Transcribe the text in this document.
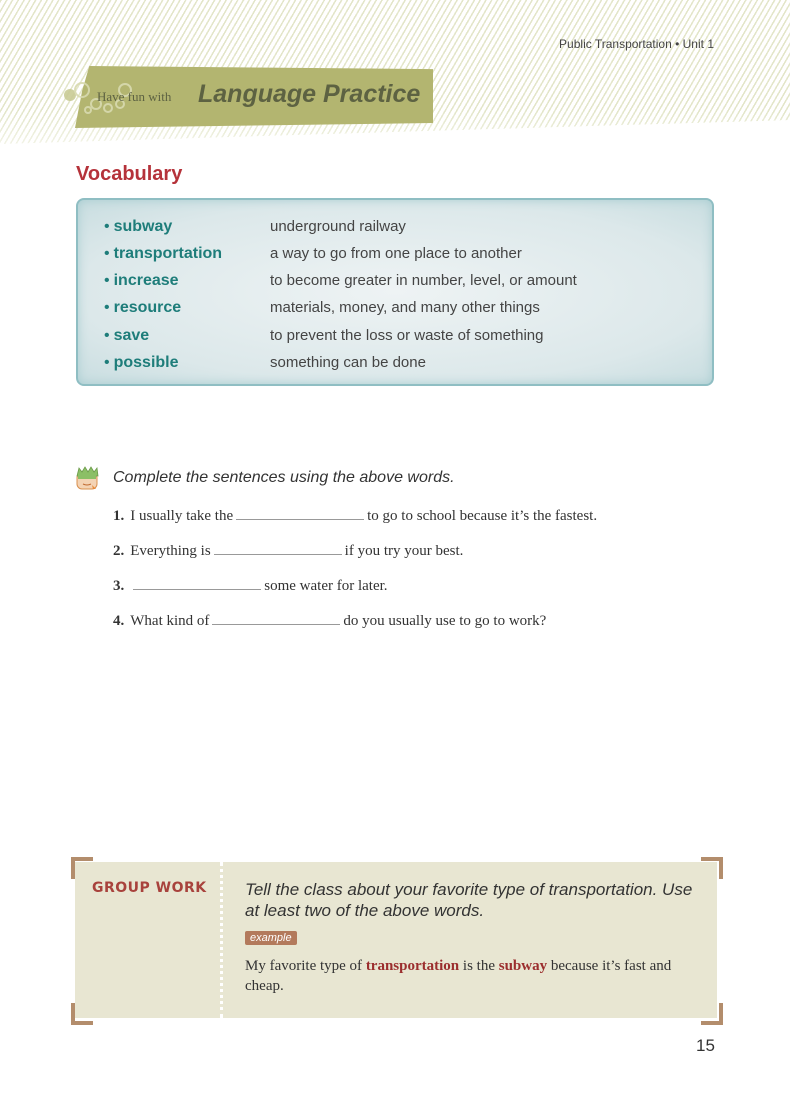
Public Transportation • Unit 1
Have fun with Language Practice
Vocabulary
• subway	underground railway
• transportation	a way to go from one place to another
• increase	to become greater in number, level, or amount
• resource	materials, money, and many other things
• save	to prevent the loss or waste of something
• possible	something can be done
Complete the sentences using the above words.
1. I usually take the	to go to school because it’s the fastest.
2. Everything is	if you try your best.
3.	some water for later.
4. What kind of	do you usually use to go to work?
GROUP WORK Tell the class about your favorite type of transportation. Use at least two of the above words.
example
My favorite type of transportation is the subway because it’s fast and cheap.
15
